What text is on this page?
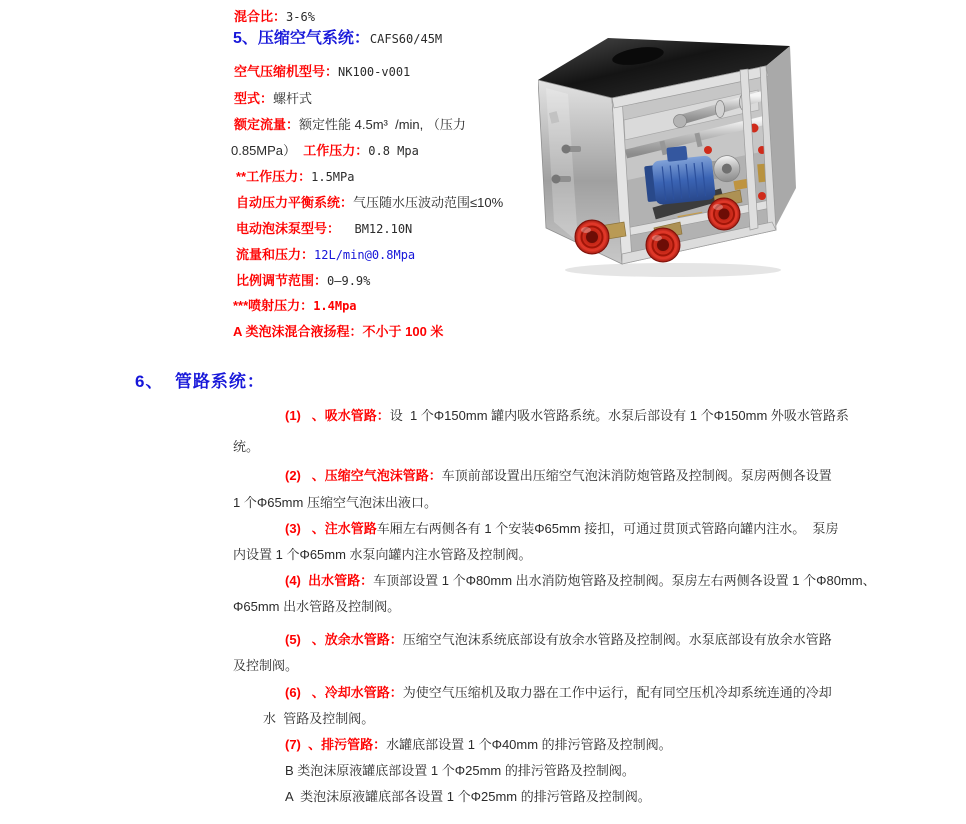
混合比：3-6%
5、压缩空气系统：CAFS60/45M
空气压缩机型号：NK100-v001
型式：螺杆式
额定流量：额定性能 4.5m³  /min, （压力
0.85MPa）  工作压力：0.8 Mpa
**工作压力：1.5MPa
自动压力平衡系统：气压随水压波动范围≤10%
电动泡沫泵型号：  BM12.10N
流量和压力：12L/min@0.8Mpa
比例调节范围：0—9.9%
***喷射压力：1.4Mpa
A 类泡沫混合液扬程：不小于 100 米
6、  管路系统：
(1)   、吸水管路：设  1 个Φ150mm 罐内吸水管路系统。水泵后部设有 1 个Φ150mm 外吸水管路系
统。
(2)   、压缩空气泡沫管路：车顶前部设置出压缩空气泡沫消防炮管路及控制阀。泵房两侧各设置
1 个Φ65mm 压缩空气泡沫出液口。
(3)   、注水管路车厢左右两侧各有 1 个安装Φ65mm 接扣，可通过贯顶式管路向罐内注水。  泵房
内设置 1 个Φ65mm 水泵向罐内注水管路及控制阀。
(4)  出水管路：车顶部设置 1 个Φ80mm 出水消防炮管路及控制阀。泵房左右两侧各设置 1 个Φ80mm、
Φ65mm 出水管路及控制阀。
(5)   、放余水管路：压缩空气泡沫系统底部设有放余水管路及控制阀。水泵底部设有放余水管路
及控制阀。
(6)   、冷却水管路：为使空气压缩机及取力器在工作中运行，配有同空压机冷却系统连通的冷却
水  管路及控制阀。
(7)  、排污管路：水罐底部设置 1 个Φ40mm 的排污管路及控制阀。
B 类泡沫原液罐底部设置 1 个Φ25mm 的排污管路及控制阀。
A  类泡沫原液罐底部各设置 1 个Φ25mm 的排污管路及控制阀。
